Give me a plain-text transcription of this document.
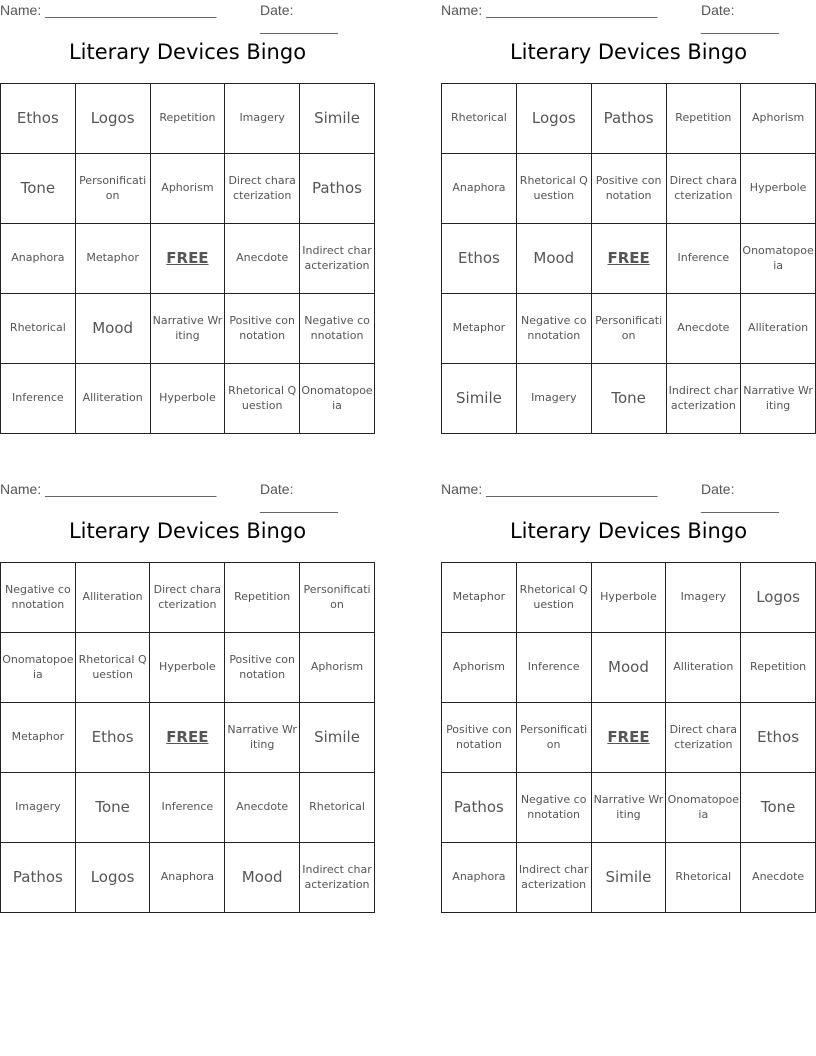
Name: ______________________	Date: __________
Literary Devices Bingo
Ethos	Logos	Repetition	Imagery	Simile
Tone	Personification	Aphorism	Direct characterization	Pathos
Anaphora	Metaphor	FREE	Anecdote	Indirect characterization
Rhetorical	Mood	Narrative Writing	Positive connotation	Negative connotation
Inference	Alliteration	Hyperbole	Rhetorical Question	Onomatopoeia
Name: ______________________	Date: __________
Literary Devices Bingo
Rhetorical	Logos	Pathos	Repetition	Aphorism
Anaphora	Rhetorical Question	Positive connotation	Direct characterization	Hyperbole
Ethos	Mood	FREE	Inference	Onomatopoeia
Metaphor	Negative connotation	Personification	Anecdote	Alliteration
Simile	Imagery	Tone	Indirect characterization	Narrative Writing
Name: ______________________	Date: __________
Literary Devices Bingo
Negative connotation	Alliteration	Direct characterization	Repetition	Personification
Onomatopoeia	Rhetorical Question	Hyperbole	Positive connotation	Aphorism
Metaphor	Ethos	FREE	Narrative Writing	Simile
Imagery	Tone	Inference	Anecdote	Rhetorical
Pathos	Logos	Anaphora	Mood	Indirect characterization
Name: ______________________	Date: __________
Literary Devices Bingo
Metaphor	Rhetorical Question	Hyperbole	Imagery	Logos
Aphorism	Inference	Mood	Alliteration	Repetition
Positive connotation	Personification	FREE	Direct characterization	Ethos
Pathos	Negative connotation	Narrative Writing	Onomatopoeia	Tone
Anaphora	Indirect characterization	Simile	Rhetorical	Anecdote
